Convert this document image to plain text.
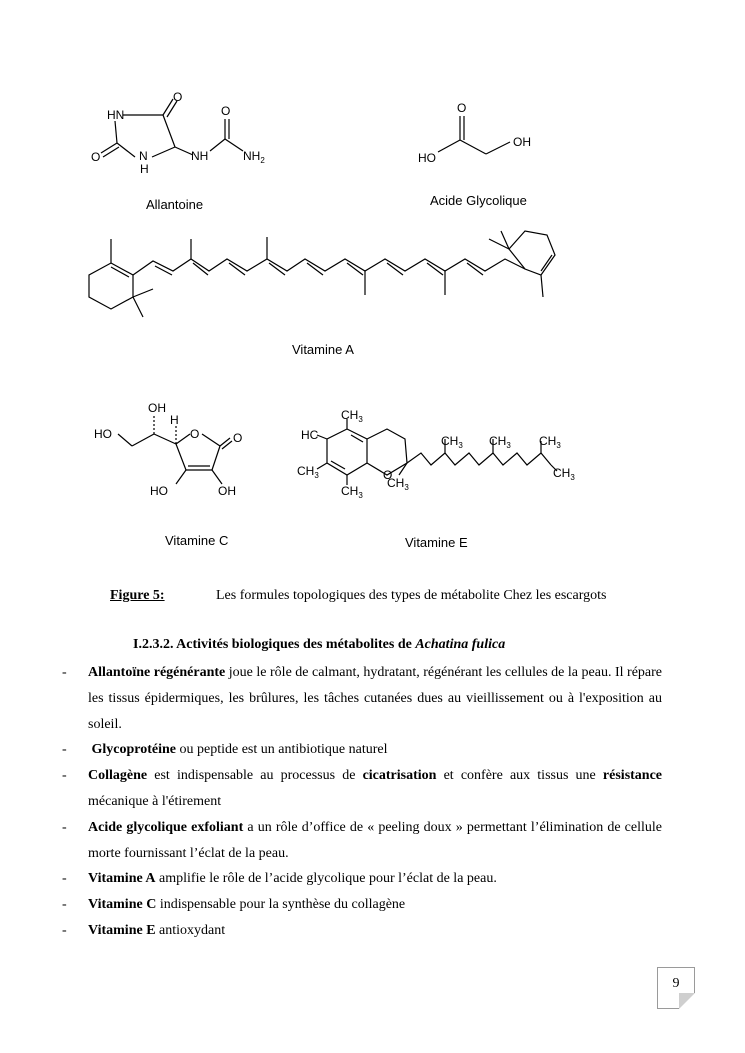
HN
O
O	N
H
NH
O
$NH_2$
Allantoine
O
OH
HO
Acide Glycolique
Vitamine A
OH
HO
H
O	O
HO	OH
Vitamine C
$CH_3$
HC
$CH_3$	O
$CH_3$
$CH_3$
$CH_3$ $CH_3$ $CH_3$
$CH_3$
Vitamine E
Figure 5:	Les formules topologiques des types de métabolite Chez les escargots
I.2.3.2. Activités biologiques des métabolites de Achatina fulica
- Allantoïne régénérante joue le rôle de calmant, hydratant, régénérant les cellules de la peau. Il répare les tissus épidermiques, les brûlures, les tâches cutanées dues au vieillissement ou à l'exposition au soleil.
- Glycoprotéine ou peptide est un antibiotique naturel
- Collagène est indispensable au processus de cicatrisation et confère aux tissus une résistance mécanique à l'étirement
- Acide glycolique exfoliant a un rôle d’office de « peeling doux » permettant l’élimination de cellule morte fournissant l’éclat de la peau.
- Vitamine A amplifie le rôle de l’acide glycolique pour l’éclat de la peau.
- Vitamine C indispensable pour la synthèse du collagène
- Vitamine E antioxydant
9
